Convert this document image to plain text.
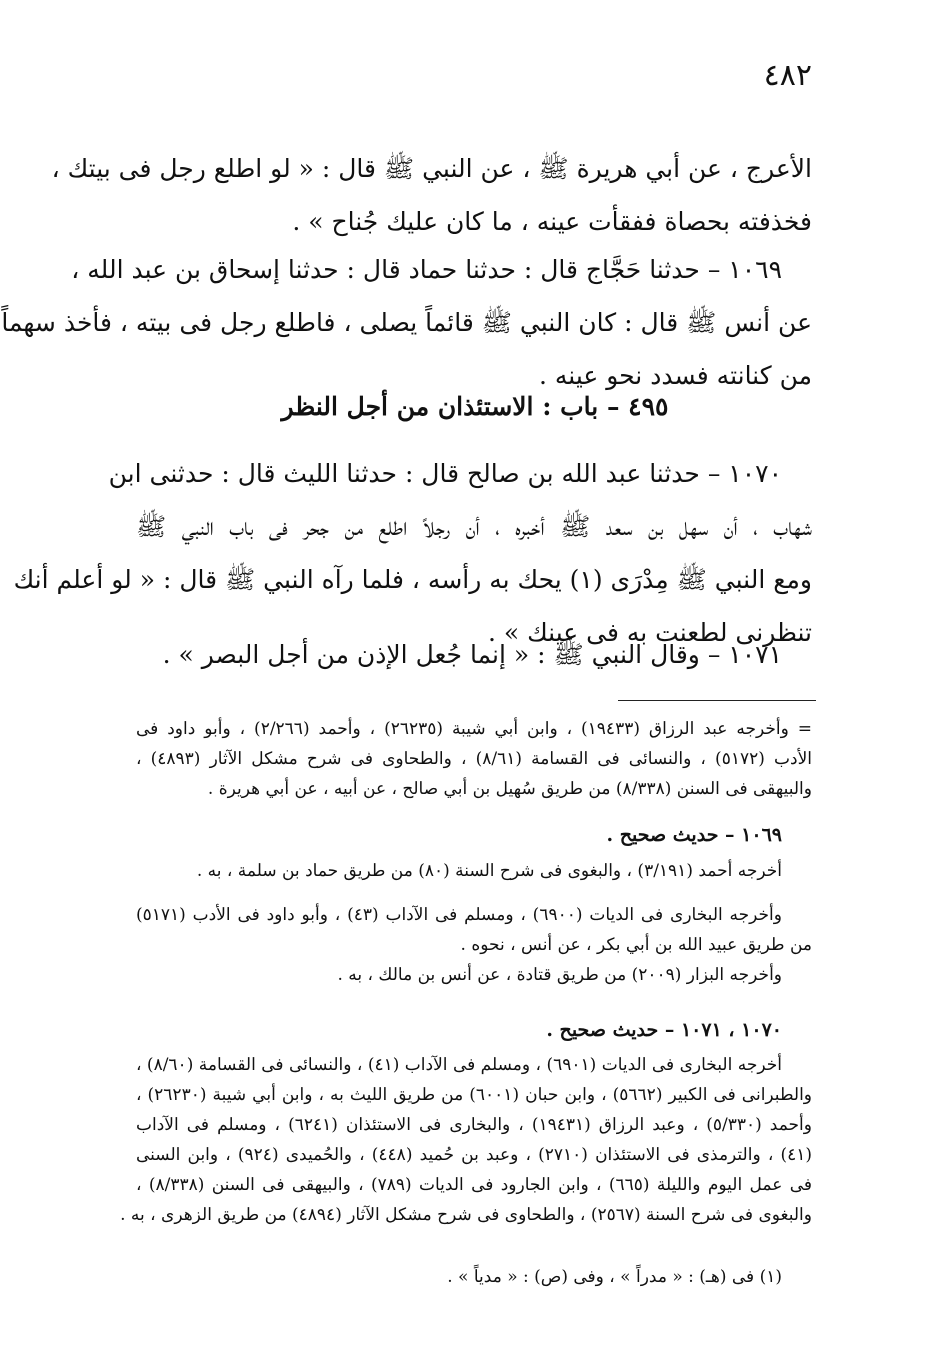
٤٨٢
الأعرج ، عن أبي هريرة ﷺ ، عن النبي ﷺ قال : « لو اطلع رجل فى بيتك ،
فخذفته بحصاة ففقأت عينه ، ما كان عليك جُناح » .
١٠٦٩ – حدثنا حَجَّاج قال : حدثنا حماد قال : حدثنا إسحاق بن عبد الله ،
عن أنس ﷺ قال : كان النبي ﷺ قائماً يصلى ، فاطلع رجل فى بيته ، فأخذ سهماً
من كنانته فسدد نحو عينه .
٤٩٥ – باب : الاستئذان من أجل النظر
١٠٧٠ – حدثنا عبد الله بن صالح قال : حدثنا الليث قال : حدثنى ابن
شهاب ، أن سهل بن سعد ﷺ أخبره ، أن رجلاً اطلع من جحر فى باب النبي ﷺ
ومع النبي ﷺ مِدْرَى (١) يحك به رأسه ، فلما رآه النبي ﷺ قال : « لو أعلم أنك
تنظرنى لطعنت به فى عينك » .
١٠٧١ – وقال النبي ﷺ : « إنما جُعل الإذن من أجل البصر » .
= وأخرجه عبد الرزاق (١٩٤٣٣) ، وابن أبي شيبة (٢٦٢٣٥) ، وأحمد (٢/٢٦٦) ، وأبو داود فى
الأدب (٥١٧٢) ، والنسائى فى القسامة (٨/٦١) ، والطحاوى فى شرح مشكل الآثار (٤٨٩٣) ،
والبيهقى فى السنن (٨/٣٣٨) من طريق سُهيل بن أبي صالح ، عن أبيه ، عن أبي هريرة .
١٠٦٩ – حديث صحيح .
أخرجه أحمد (٣/١٩١) ، والبغوى فى شرح السنة (٨٠) من طريق حماد بن سلمة ، به .
وأخرجه البخارى فى الديات (٦٩٠٠) ، ومسلم فى الآداب (٤٣) ، وأبو داود فى الأدب (٥١٧١)
من طريق عبيد الله بن أبي بكر ، عن أنس ، نحوه .
وأخرجه البزار (٢٠٠٩) من طريق قتادة ، عن أنس بن مالك ، به .
١٠٧٠ ، ١٠٧١ – حديث صحيح .
أخرجه البخارى فى الديات (٦٩٠١) ، ومسلم فى الآداب (٤١) ، والنسائى فى القسامة (٨/٦٠) ،
والطبرانى فى الكبير (٥٦٦٢) ، وابن حبان (٦٠٠١) من طريق الليث به ، وابن أبي شيبة (٢٦٢٣٠) ،
وأحمد (٥/٣٣٠) ، وعبد الرزاق (١٩٤٣١) ، والبخارى فى الاستئذان (٦٢٤١) ، ومسلم فى الآداب
(٤١) ، والترمذى فى الاستئذان (٢٧١٠) ، وعبد بن حُميد (٤٤٨) ، والحُميدى (٩٢٤) ، وابن السنى
فى عمل اليوم والليلة (٦٦٥) ، وابن الجارود فى الديات (٧٨٩) ، والبيهقى فى السنن (٨/٣٣٨) ،
والبغوى فى شرح السنة (٢٥٦٧) ، والطحاوى فى شرح مشكل الآثار (٤٨٩٤) من طريق الزهرى ، به .
(١) فى (هـ) : « مدراً » ، وفى (ص) : « مدياً » .
